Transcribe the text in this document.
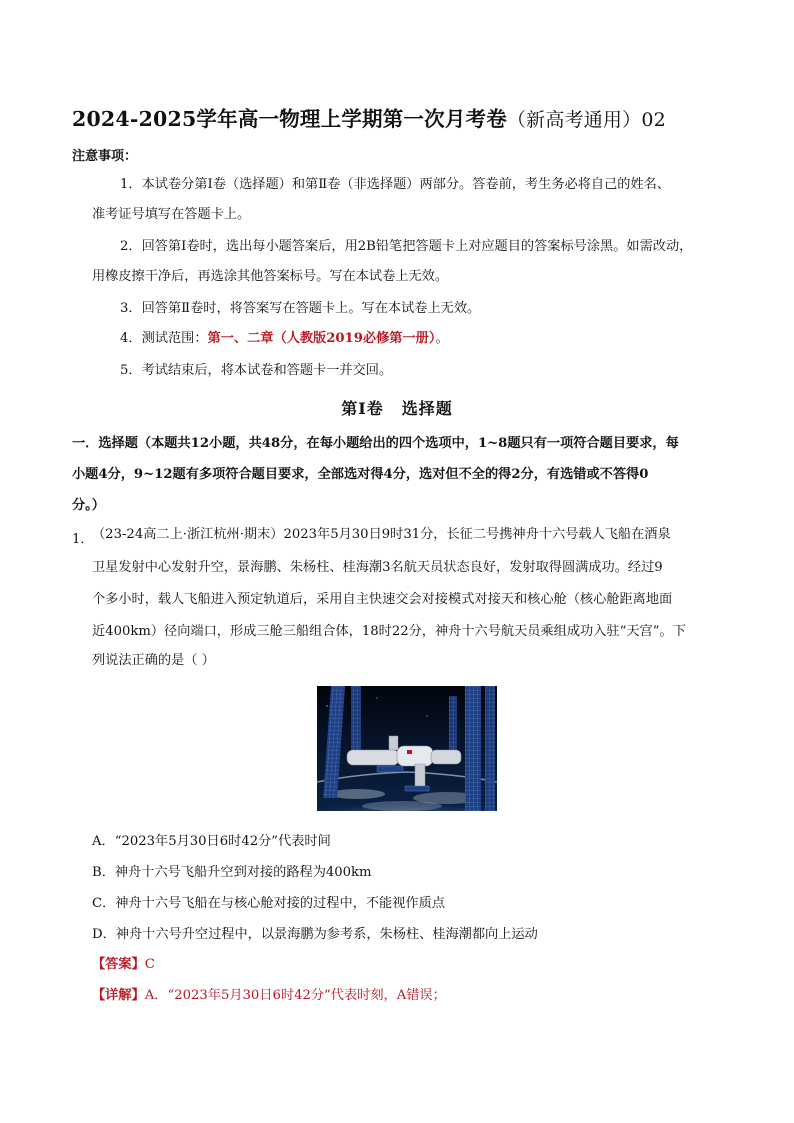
2024-2025学年高一物理上学期第一次月考卷（新高考通用）02
注意事项：
1．本试卷分第Ⅰ卷（选择题）和第Ⅱ卷（非选择题）两部分。答卷前，考生务必将自己的姓名、
准考证号填写在答题卡上。
2．回答第Ⅰ卷时，选出每小题答案后，用2B铅笔把答题卡上对应题目的答案标号涂黑。如需改动，
用橡皮擦干净后，再选涂其他答案标号。写在本试卷上无效。
3．回答第Ⅱ卷时，将答案写在答题卡上。写在本试卷上无效。
4．测试范围：第一、二章（人教版2019必修第一册）。
5．考试结束后，将本试卷和答题卡一并交回。
第Ⅰ卷 选择题
一．选择题（本题共12小题，共48分，在每小题给出的四个选项中，1~8题只有一项符合题目要求，每
小题4分，9~12题有多项符合题目要求，全部选对得4分，选对但不全的得2分，有选错或不答得0
分。）
1．
（23-24高二上·浙江杭州·期末）2023年5月30日9时31分，长征二号携神舟十六号载人飞船在酒泉
卫星发射中心发射升空，景海鹏、朱杨柱、桂海潮3名航天员状态良好，发射取得圆满成功。经过9
个多小时，载人飞船进入预定轨道后，采用自主快速交会对接模式对接天和核心舱（核心舱距离地面
近400km）径向端口，形成三舱三船组合体，18时22分，神舟十六号航天员乘组成功入驻“天宫”。下
列说法正确的是（ ）
A．“2023年5月30日6时42分”代表时间
B．神舟十六号飞船升空到对接的路程为400km
C．神舟十六号飞船在与核心舱对接的过程中，不能视作质点
D．神舟十六号升空过程中，以景海鹏为参考系，朱杨柱、桂海潮都向上运动
【答案】C
【详解】A．“2023年5月30日6时42分”代表时刻，A错误；
